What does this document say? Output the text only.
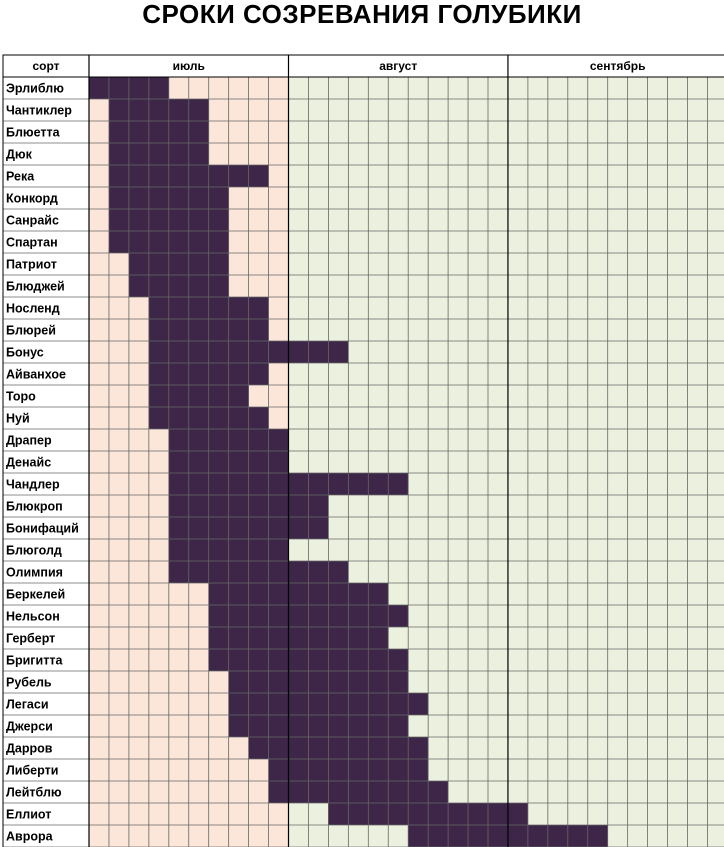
СРОКИ СОЗРЕВАНИЯ ГОЛУБИКИ
сорт	июль	август	сентябрь
Эрлиблю
Чантиклер
Блюетта
Дюк
Река
Конкорд
Санрайс
Спартан
Патриот
Блюджей
Носленд
Блюрей
Бонус
Айванхое
Торо
Нуй
Драпер
Денайс
Чандлер
Блюкроп
Бонифаций
Блюголд
Олимпия
Беркелей
Нельсон
Герберт
Бригитта
Рубель
Легаси
Джерси
Дарров
Либерти
Лейтблю
Еллиот
Аврора
